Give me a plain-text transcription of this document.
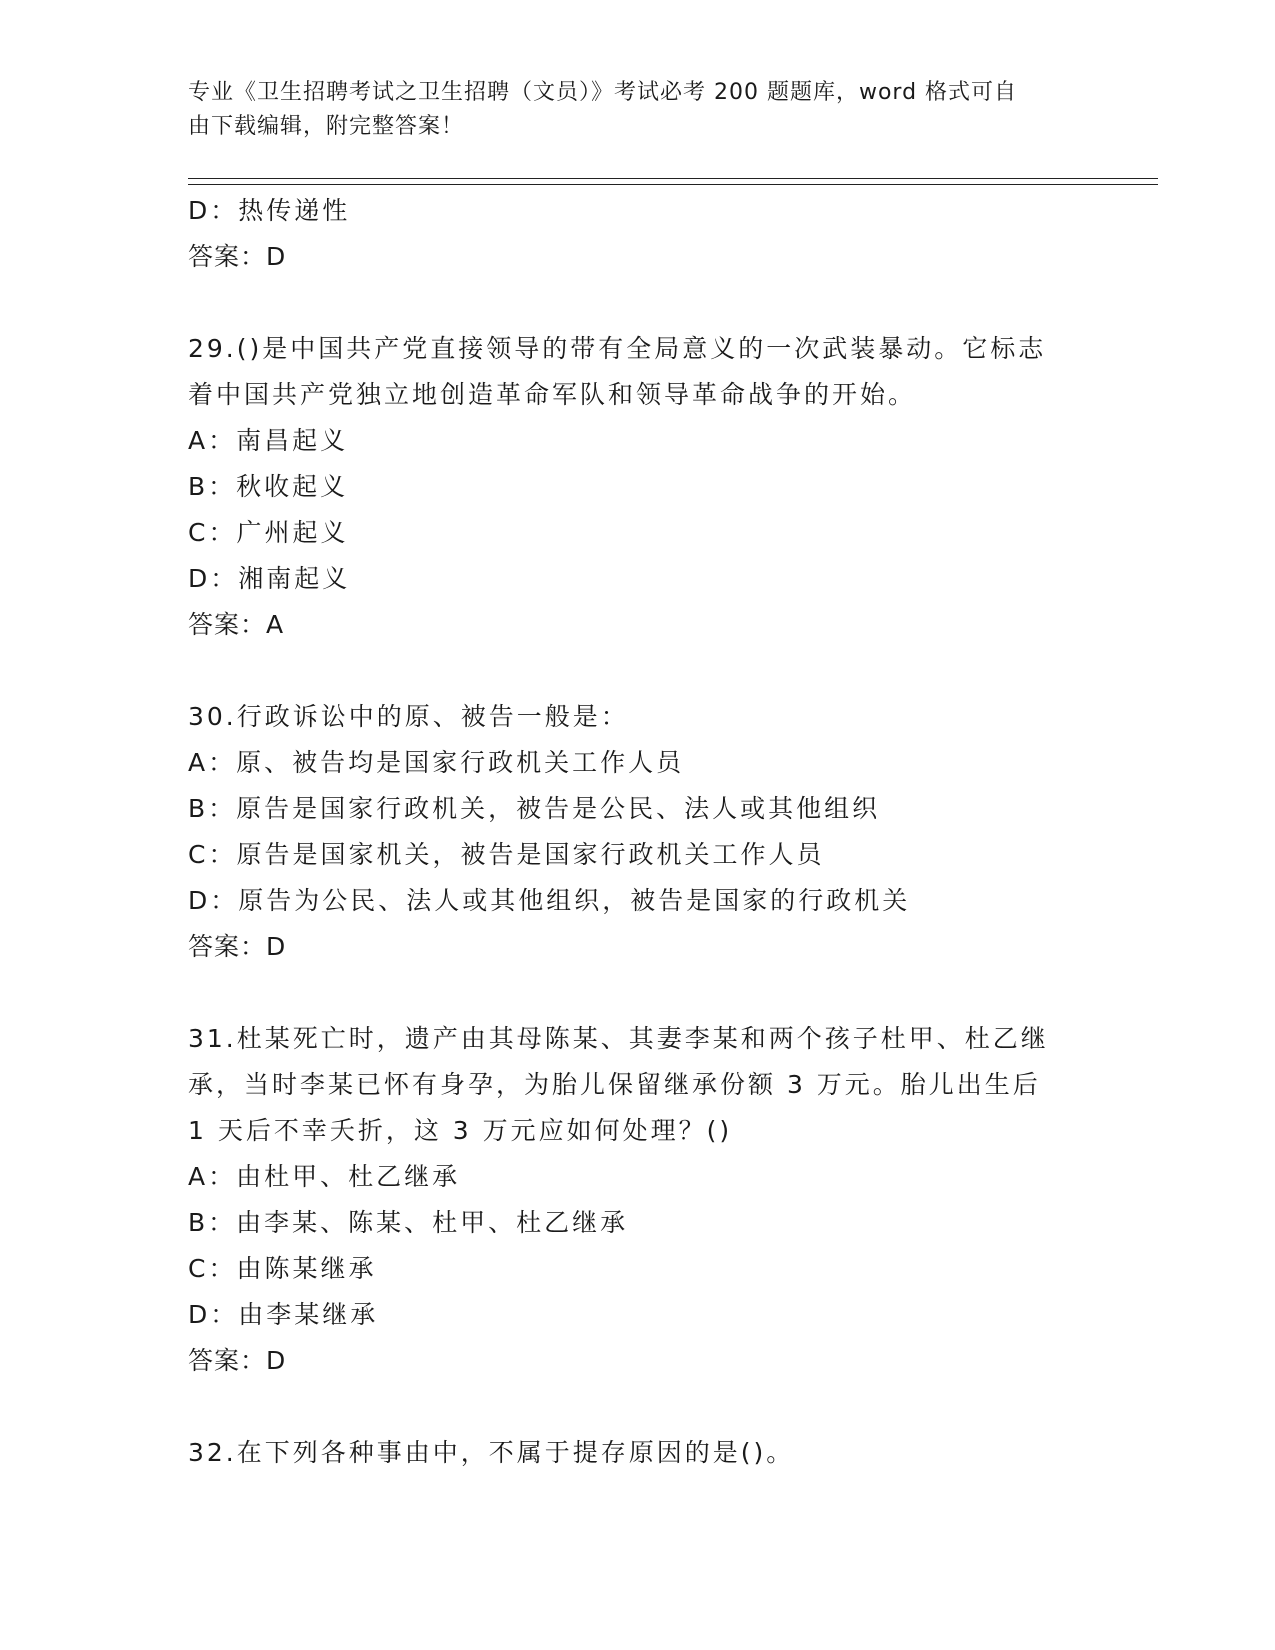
专业《卫生招聘考试之卫生招聘（文员）》考试必考 200 题题库，word 格式可自
由下载编辑，附完整答案！
D：热传递性
答案：D
29.()是中国共产党直接领导的带有全局意义的一次武装暴动。它标志
着中国共产党独立地创造革命军队和领导革命战争的开始。
A：南昌起义
B：秋收起义
C：广州起义
D：湘南起义
答案：A
30.行政诉讼中的原、被告一般是：
A：原、被告均是国家行政机关工作人员
B：原告是国家行政机关，被告是公民、法人或其他组织
C：原告是国家机关，被告是国家行政机关工作人员
D：原告为公民、法人或其他组织，被告是国家的行政机关
答案：D
31.杜某死亡时，遗产由其母陈某、其妻李某和两个孩子杜甲、杜乙继
承，当时李某已怀有身孕，为胎儿保留继承份额 3 万元。胎儿出生后
1 天后不幸夭折，这 3 万元应如何处理？()
A：由杜甲、杜乙继承
B：由李某、陈某、杜甲、杜乙继承
C：由陈某继承
D：由李某继承
答案：D
32.在下列各种事由中，不属于提存原因的是()。
